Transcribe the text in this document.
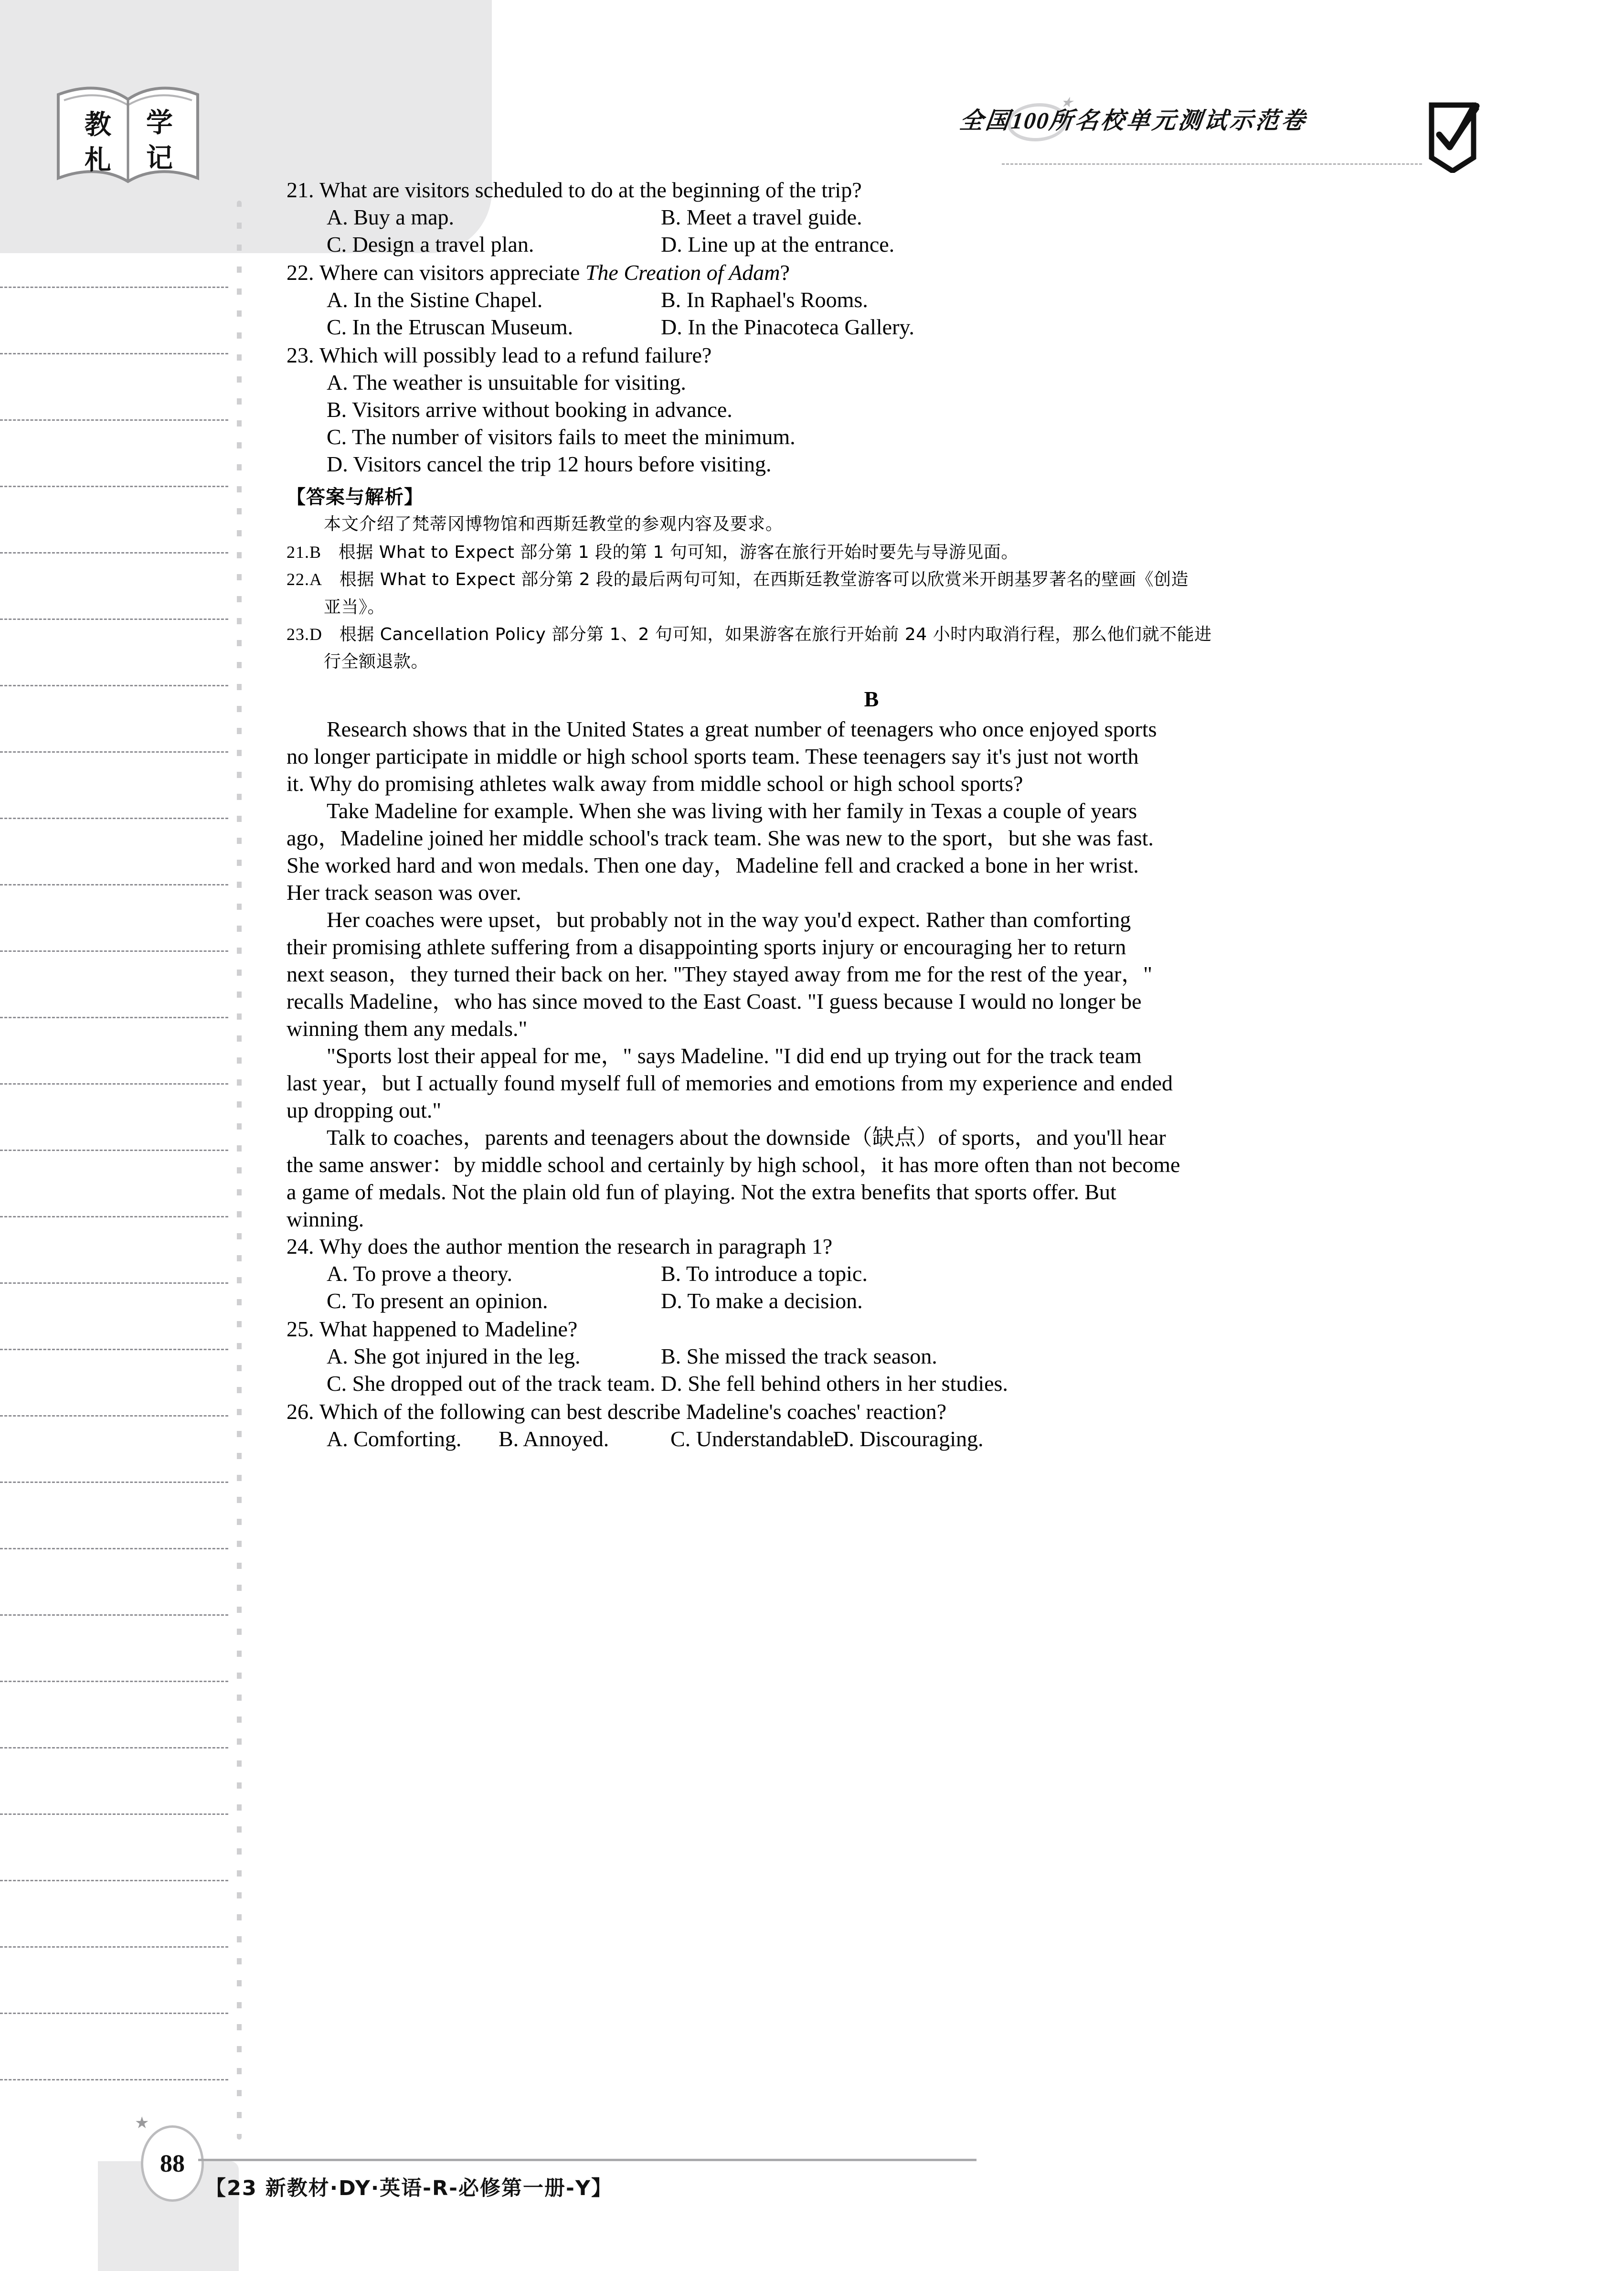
教
札
学
记
全国
100
★
所名校单元测试示范卷
21. What are visitors scheduled to do at the beginning of the trip?
A. Buy a map.	B. Meet a travel guide.
C. Design a travel plan.	D. Line up at the entrance.
22. Where can visitors appreciate The Creation of Adam?
A. In the Sistine Chapel.	B. In Raphael's Rooms.
C. In the Etruscan Museum.	D. In the Pinacoteca Gallery.
23. Which will possibly lead to a refund failure?
A. The weather is unsuitable for visiting.
B. Visitors arrive without booking in advance.
C. The number of visitors fails to meet the minimum.
D. Visitors cancel the trip 12 hours before visiting.
【答案与解析】
本文介绍了梵蒂冈博物馆和西斯廷教堂的参观内容及要求。
21.B 根据 What to Expect 部分第 1 段的第 1 句可知，游客在旅行开始时要先与导游见面。
22.A 根据 What to Expect 部分第 2 段的最后两句可知，在西斯廷教堂游客可以欣赏米开朗基罗著名的壁画《创造
亚当》。
23.D 根据 Cancellation Policy 部分第 1、2 句可知，如果游客在旅行开始前 24 小时内取消行程，那么他们就不能进
行全额退款。
B
Research shows that in the United States a great number of teenagers who once enjoyed sports
no longer participate in middle or high school sports team. These teenagers say it's just not worth
it. Why do promising athletes walk away from middle school or high school sports?
Take Madeline for example. When she was living with her family in Texas a couple of years
ago，Madeline joined her middle school's track team. She was new to the sport，but she was fast.
She worked hard and won medals. Then one day，Madeline fell and cracked a bone in her wrist.
Her track season was over.
Her coaches were upset，but probably not in the way you'd expect. Rather than comforting
their promising athlete suffering from a disappointing sports injury or encouraging her to return
next season，they turned their back on her. "They stayed away from me for the rest of the year，"
recalls Madeline，who has since moved to the East Coast. "I guess because I would no longer be
winning them any medals."
"Sports lost their appeal for me，" says Madeline. "I did end up trying out for the track team
last year，but I actually found myself full of memories and emotions from my experience and ended
up dropping out."
Talk to coaches，parents and teenagers about the downside（缺点）of sports，and you'll hear
the same answer：by middle school and certainly by high school，it has more often than not become
a game of medals. Not the plain old fun of playing. Not the extra benefits that sports offer. But
winning.
24. Why does the author mention the research in paragraph 1?
A. To prove a theory.	B. To introduce a topic.
C. To present an opinion.	D. To make a decision.
25. What happened to Madeline?
A. She got injured in the leg.	B. She missed the track season.
C. She dropped out of the track team. D. She fell behind others in her studies.
26. Which of the following can best describe Madeline's coaches' reaction?
A. Comforting.	B. Annoyed.	C. Understandable.
D. Discouraging.
★
88
【23 新教材·DY·英语-R-必修第一册-Y】
